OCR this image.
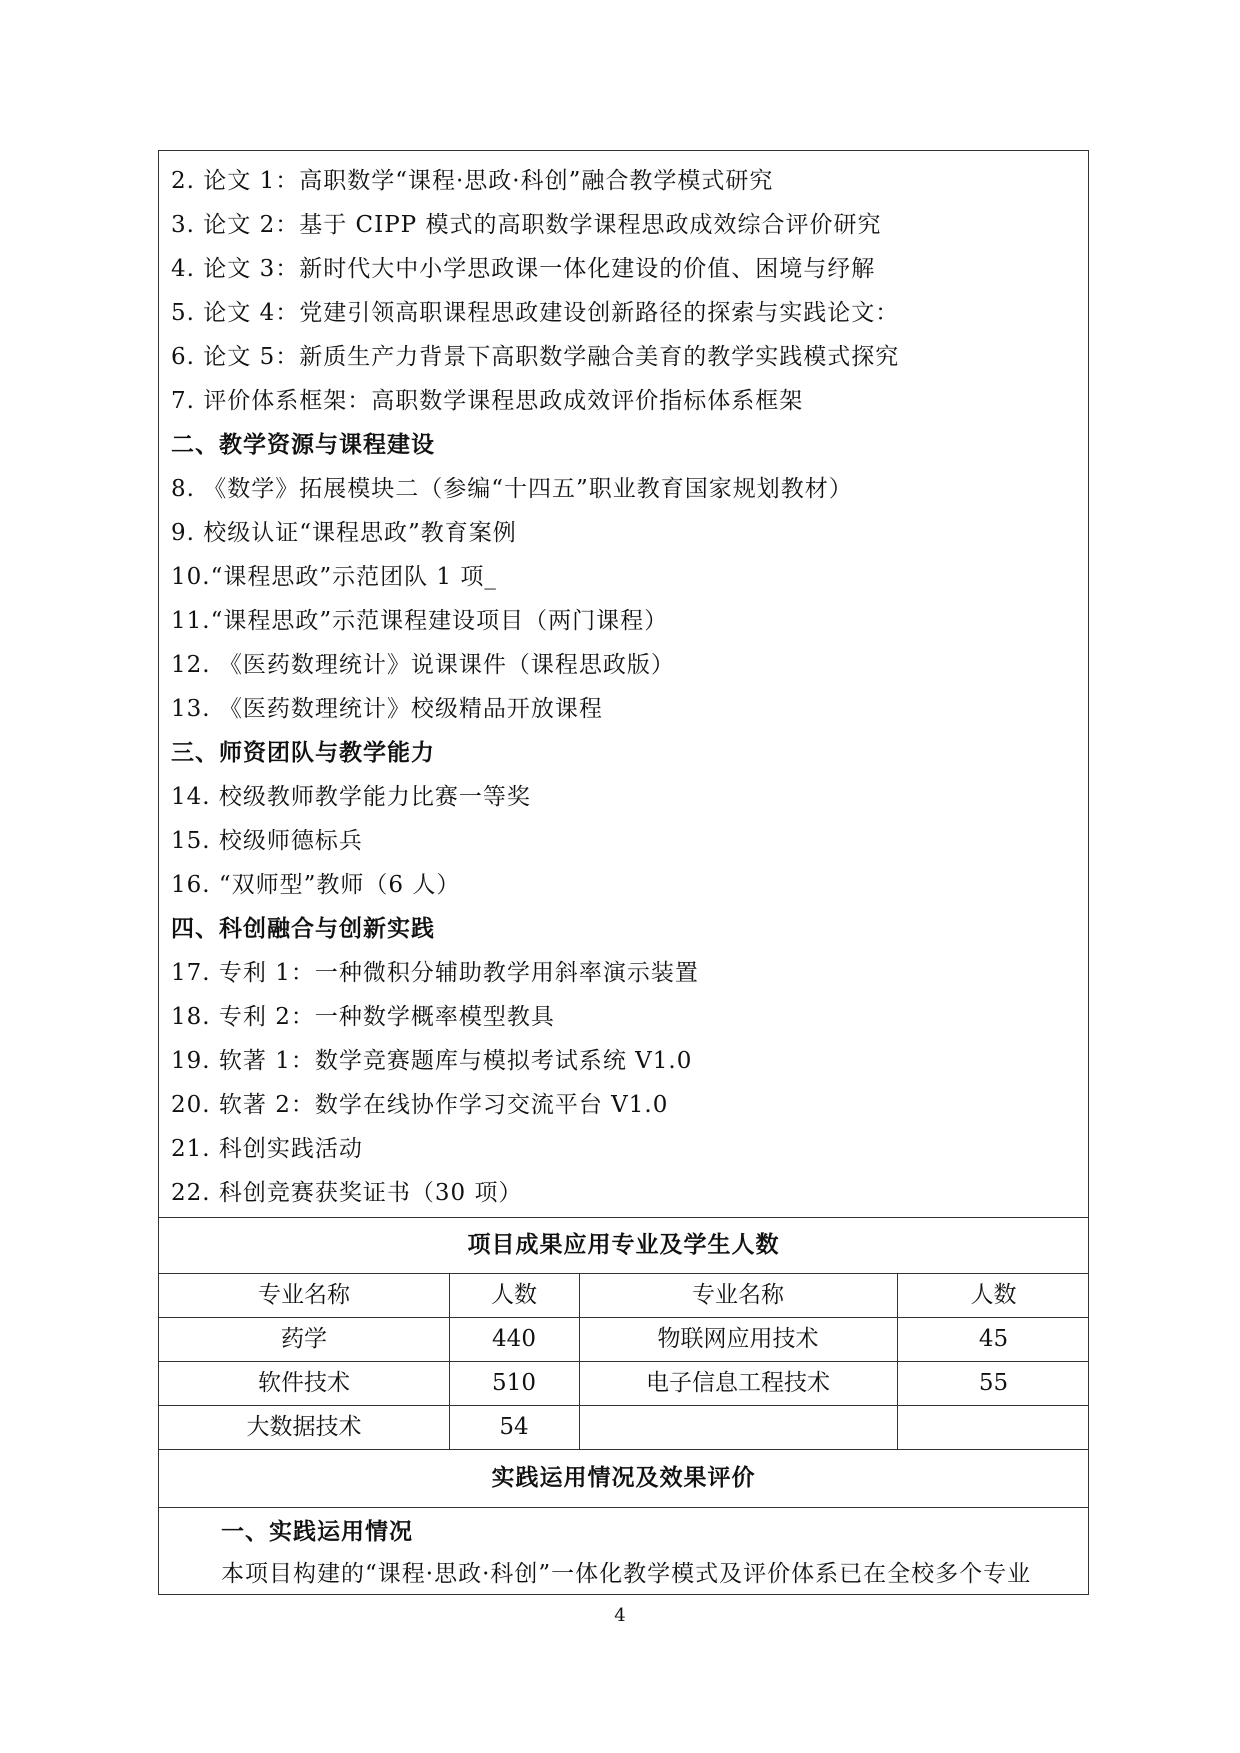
2. 论文 1：高职数学“课程·思政·科创”融合教学模式研究
3. 论文 2：基于 CIPP 模式的高职数学课程思政成效综合评价研究
4. 论文 3：新时代大中小学思政课一体化建设的价值、困境与纾解
5. 论文 4：党建引领高职课程思政建设创新路径的探索与实践论文：
6. 论文 5：新质生产力背景下高职数学融合美育的教学实践模式探究
7. 评价体系框架：高职数学课程思政成效评价指标体系框架
二、教学资源与课程建设
8. 《数学》拓展模块二（参编“十四五”职业教育国家规划教材）
9. 校级认证“课程思政”教育案例
10.“课程思政”示范团队 1 项_
11.“课程思政”示范课程建设项目（两门课程）
12. 《医药数理统计》说课课件（课程思政版）
13. 《医药数理统计》校级精品开放课程
三、师资团队与教学能力
14. 校级教师教学能力比赛一等奖
15. 校级师德标兵
16. “双师型”教师（6 人）
四、科创融合与创新实践
17. 专利 1：一种微积分辅助教学用斜率演示装置
18. 专利 2：一种数学概率模型教具
19. 软著 1：数学竞赛题库与模拟考试系统 V1.0
20. 软著 2：数学在线协作学习交流平台 V1.0
21. 科创实践活动
22. 科创竞赛获奖证书（30 项）
项目成果应用专业及学生人数
专业名称	人数	专业名称	人数
药学	440	物联网应用技术	45
软件技术	510	电子信息工程技术	55
大数据技术	54
实践运用情况及效果评价
一、实践运用情况
本项目构建的“课程·思政·科创”一体化教学模式及评价体系已在全校多个专业
4
